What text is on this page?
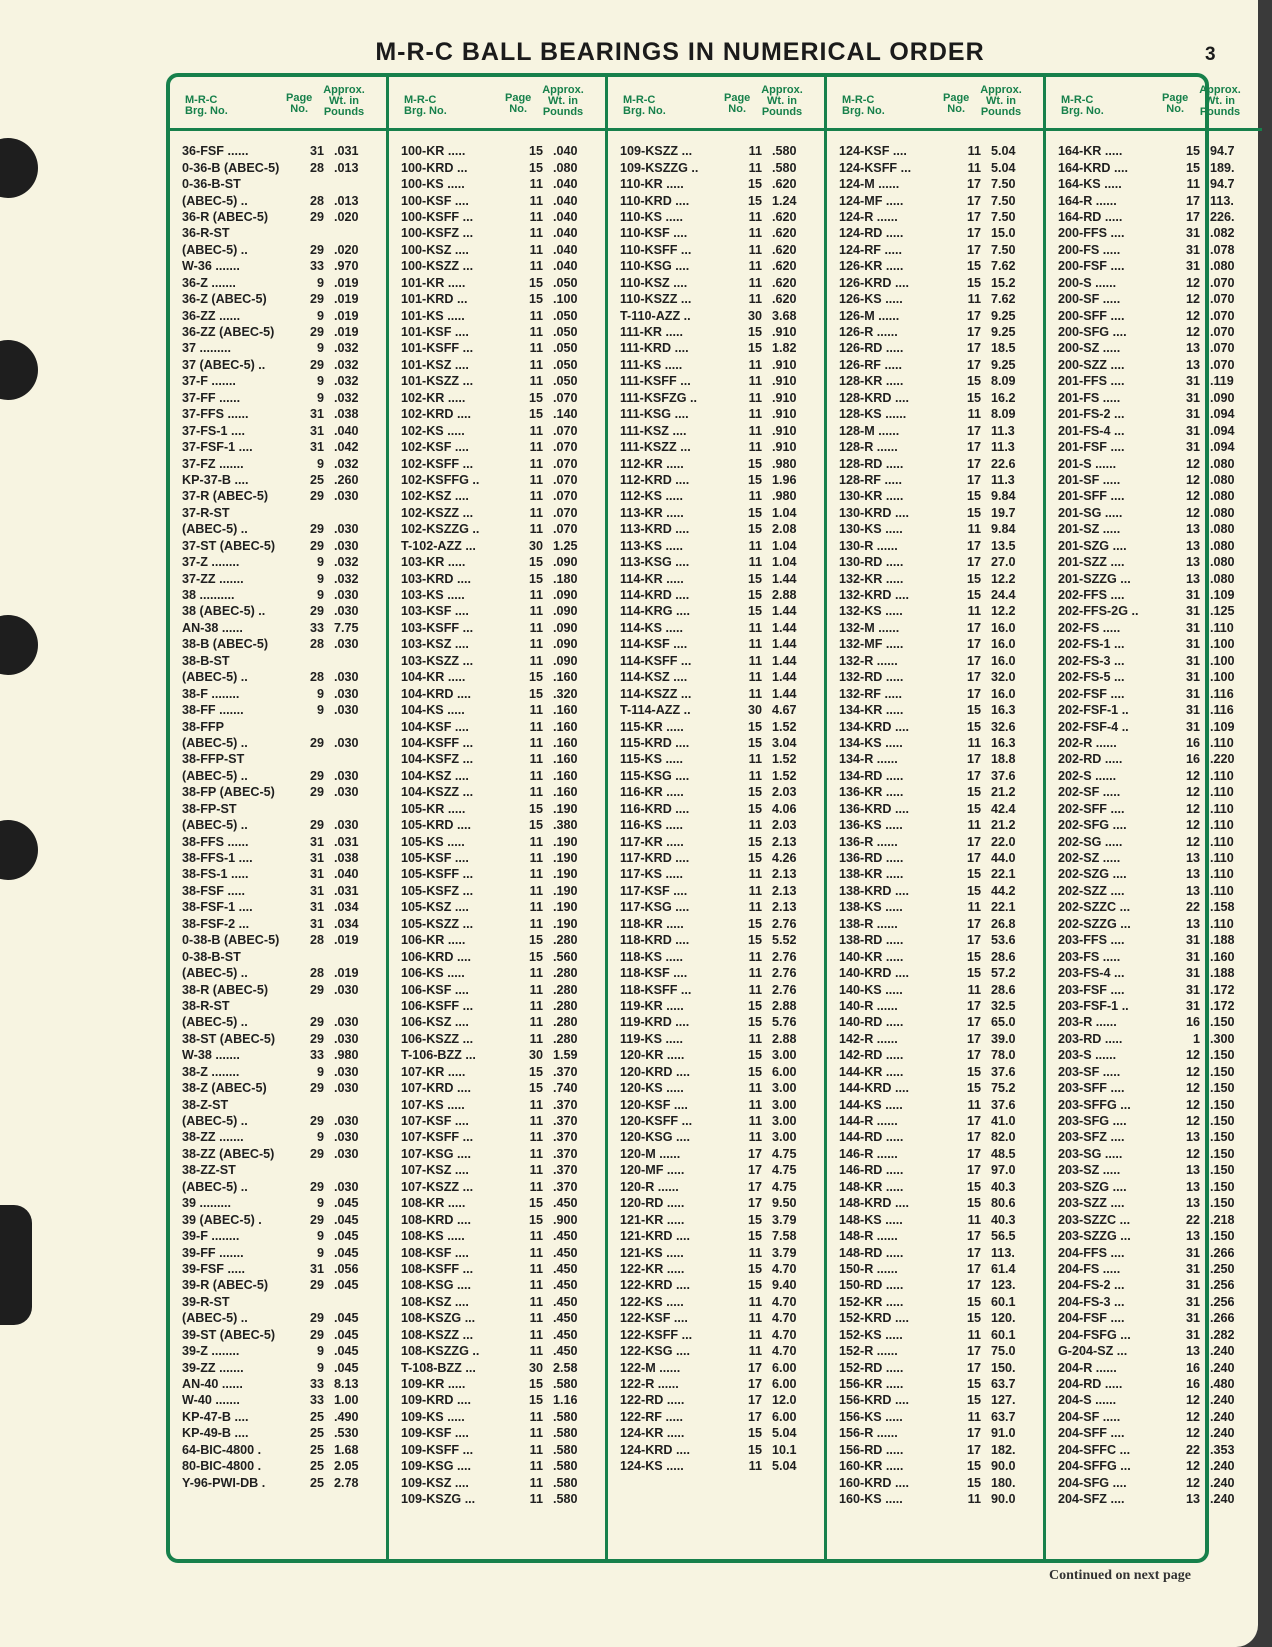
M-R-C BALL BEARINGS IN NUMERICAL ORDER	3
M-R-C
Brg. No.
Page
No.
Approx.
Wt. in
Pounds
36-FSF ......	31 .031
0-36-B (ABEC-5)	28 .013
0-36-B-ST
(ABEC-5) ..	28 .013
36-R (ABEC-5)	29 .020
36-R-ST
(ABEC-5) ..	29 .020
W-36 .......	33 .970
36-Z .......	9 .019
36-Z (ABEC-5)	29 .019
36-ZZ ......	9 .019
36-ZZ (ABEC-5)	29 .019
37 .........	9 .032
37 (ABEC-5) ..	29 .032
37-F .......	9 .032
37-FF ......	9 .032
37-FFS ......	31 .038
37-FS-1 ....	31 .040
37-FSF-1 ....	31 .042
37-FZ .......	9 .032
KP-37-B ....	25 .260
37-R (ABEC-5)	29 .030
37-R-ST
(ABEC-5) ..	29 .030
37-ST (ABEC-5)	29 .030
37-Z ........	9 .032
37-ZZ .......	9 .032
38 ..........	9 .030
38 (ABEC-5) ..	29 .030
AN-38 ......	33 7.75
38-B (ABEC-5)	28 .030
38-B-ST
(ABEC-5) ..	28 .030
38-F ........	9 .030
38-FF .......	9 .030
38-FFP
(ABEC-5) ..	29 .030
38-FFP-ST
(ABEC-5) ..	29 .030
38-FP (ABEC-5)	29 .030
38-FP-ST
(ABEC-5) ..	29 .030
38-FFS ......	31 .031
38-FFS-1 ....	31 .038
38-FS-1 .....	31 .040
38-FSF .....	31 .031
38-FSF-1 ....	31 .034
38-FSF-2 ...	31 .034
0-38-B (ABEC-5)	28 .019
0-38-B-ST
(ABEC-5) ..	28 .019
38-R (ABEC-5)	29 .030
38-R-ST
(ABEC-5) ..	29 .030
38-ST (ABEC-5)	29 .030
W-38 .......	33 .980
38-Z ........	9 .030
38-Z (ABEC-5)	29 .030
38-Z-ST
(ABEC-5) ..	29 .030
38-ZZ .......	9 .030
38-ZZ (ABEC-5)	29 .030
38-ZZ-ST
(ABEC-5) ..	29 .030
39 .........	9 .045
39 (ABEC-5) .	29 .045
39-F ........	9 .045
39-FF .......	9 .045
39-FSF .....	31 .056
39-R (ABEC-5)	29 .045
39-R-ST
(ABEC-5) ..	29 .045
39-ST (ABEC-5)	29 .045
39-Z ........	9 .045
39-ZZ .......	9 .045
AN-40 ......	33 8.13
W-40 .......	33 1.00
KP-47-B ....	25 .490
KP-49-B ....	25 .530
64-BIC-4800 .	25 1.68
80-BIC-4800 .	25 2.05
Y-96-PWI-DB .	25 2.78
M-R-C
Brg. No.
Page
No.
Approx.
Wt. in
Pounds
100-KR .....	15 .040
100-KRD ...	15 .080
100-KS .....	11 .040
100-KSF ....	11 .040
100-KSFF ...	11 .040
100-KSFZ ...	11 .040
100-KSZ ....	11 .040
100-KSZZ ...	11 .040
101-KR .....	15 .050
101-KRD ...	15 .100
101-KS .....	11 .050
101-KSF ....	11 .050
101-KSFF ...	11 .050
101-KSZ ....	11 .050
101-KSZZ ...	11 .050
102-KR .....	15 .070
102-KRD ....	15 .140
102-KS .....	11 .070
102-KSF ....	11 .070
102-KSFF ...	11 .070
102-KSFFG ..	11 .070
102-KSZ ....	11 .070
102-KSZZ ...	11 .070
102-KSZZG ..	11 .070
T-102-AZZ ...	30 1.25
103-KR .....	15 .090
103-KRD ....	15 .180
103-KS .....	11 .090
103-KSF ....	11 .090
103-KSFF ...	11 .090
103-KSZ ....	11 .090
103-KSZZ ...	11 .090
104-KR .....	15 .160
104-KRD ....	15 .320
104-KS .....	11 .160
104-KSF ....	11 .160
104-KSFF ...	11 .160
104-KSFZ ...	11 .160
104-KSZ ....	11 .160
104-KSZZ ...	11 .160
105-KR .....	15 .190
105-KRD ....	15 .380
105-KS .....	11 .190
105-KSF ....	11 .190
105-KSFF ...	11 .190
105-KSFZ ...	11 .190
105-KSZ ....	11 .190
105-KSZZ ...	11 .190
106-KR .....	15 .280
106-KRD ....	15 .560
106-KS .....	11 .280
106-KSF ....	11 .280
106-KSFF ...	11 .280
106-KSZ ....	11 .280
106-KSZZ ...	11 .280
T-106-BZZ ...	30 1.59
107-KR .....	15 .370
107-KRD ....	15 .740
107-KS .....	11 .370
107-KSF ....	11 .370
107-KSFF ...	11 .370
107-KSG ....	11 .370
107-KSZ ....	11 .370
107-KSZZ ...	11 .370
108-KR .....	15 .450
108-KRD ....	15 .900
108-KS .....	11 .450
108-KSF ....	11 .450
108-KSFF ...	11 .450
108-KSG ....	11 .450
108-KSZ ....	11 .450
108-KSZG ...	11 .450
108-KSZZ ...	11 .450
108-KSZZG ..	11 .450
T-108-BZZ ...	30 2.58
109-KR .....	15 .580
109-KRD ....	15 1.16
109-KS .....	11 .580
109-KSF ....	11 .580
109-KSFF ...	11 .580
109-KSG ....	11 .580
109-KSZ ....	11 .580
109-KSZG ...	11 .580
M-R-C
Brg. No.
Page
No.
Approx.
Wt. in
Pounds
109-KSZZ ...	11 .580
109-KSZZG ..	11 .580
110-KR .....	15 .620
110-KRD ....	15 1.24
110-KS .....	11 .620
110-KSF ....	11 .620
110-KSFF ...	11 .620
110-KSG ....	11 .620
110-KSZ ....	11 .620
110-KSZZ ...	11 .620
T-110-AZZ ..	30 3.68
111-KR .....	15 .910
111-KRD ....	15 1.82
111-KS .....	11 .910
111-KSFF ...	11 .910
111-KSFZG ..	11 .910
111-KSG ....	11 .910
111-KSZ ....	11 .910
111-KSZZ ...	11 .910
112-KR .....	15 .980
112-KRD ....	15 1.96
112-KS .....	11 .980
113-KR .....	15 1.04
113-KRD ....	15 2.08
113-KS .....	11 1.04
113-KSG ....	11 1.04
114-KR .....	15 1.44
114-KRD ....	15 2.88
114-KRG ....	15 1.44
114-KS .....	11 1.44
114-KSF ....	11 1.44
114-KSFF ...	11 1.44
114-KSZ ....	11 1.44
114-KSZZ ...	11 1.44
T-114-AZZ ..	30 4.67
115-KR .....	15 1.52
115-KRD ....	15 3.04
115-KS .....	11 1.52
115-KSG ....	11 1.52
116-KR .....	15 2.03
116-KRD ....	15 4.06
116-KS .....	11 2.03
117-KR .....	15 2.13
117-KRD ....	15 4.26
117-KS .....	11 2.13
117-KSF ....	11 2.13
117-KSG ....	11 2.13
118-KR .....	15 2.76
118-KRD ....	15 5.52
118-KS .....	11 2.76
118-KSF ....	11 2.76
118-KSFF ...	11 2.76
119-KR .....	15 2.88
119-KRD ....	15 5.76
119-KS .....	11 2.88
120-KR .....	15 3.00
120-KRD ....	15 6.00
120-KS .....	11 3.00
120-KSF ....	11 3.00
120-KSFF ...	11 3.00
120-KSG ....	11 3.00
120-M ......	17 4.75
120-MF .....	17 4.75
120-R ......	17 4.75
120-RD .....	17 9.50
121-KR .....	15 3.79
121-KRD ....	15 7.58
121-KS .....	11 3.79
122-KR .....	15 4.70
122-KRD ....	15 9.40
122-KS .....	11 4.70
122-KSF ....	11 4.70
122-KSFF ...	11 4.70
122-KSG ....	11 4.70
122-M ......	17 6.00
122-R ......	17 6.00
122-RD .....	17 12.0
122-RF .....	17 6.00
124-KR .....	15 5.04
124-KRD ....	15 10.1
124-KS .....	11 5.04
M-R-C
Brg. No.
Page
No.
Approx.
Wt. in
Pounds
124-KSF ....	11 5.04
124-KSFF ...	11 5.04
124-M ......	17 7.50
124-MF .....	17 7.50
124-R ......	17 7.50
124-RD .....	17 15.0
124-RF .....	17 7.50
126-KR .....	15 7.62
126-KRD ....	15 15.2
126-KS .....	11 7.62
126-M ......	17 9.25
126-R ......	17 9.25
126-RD .....	17 18.5
126-RF .....	17 9.25
128-KR .....	15 8.09
128-KRD ....	15 16.2
128-KS ......	11 8.09
128-M ......	17 11.3
128-R ......	17 11.3
128-RD .....	17 22.6
128-RF .....	17 11.3
130-KR .....	15 9.84
130-KRD ....	15 19.7
130-KS .....	11 9.84
130-R ......	17 13.5
130-RD .....	17 27.0
132-KR .....	15 12.2
132-KRD ....	15 24.4
132-KS .....	11 12.2
132-M ......	17 16.0
132-MF .....	17 16.0
132-R ......	17 16.0
132-RD .....	17 32.0
132-RF .....	17 16.0
134-KR .....	15 16.3
134-KRD ....	15 32.6
134-KS .....	11 16.3
134-R ......	17 18.8
134-RD .....	17 37.6
136-KR .....	15 21.2
136-KRD ....	15 42.4
136-KS .....	11 21.2
136-R ......	17 22.0
136-RD .....	17 44.0
138-KR .....	15 22.1
138-KRD ....	15 44.2
138-KS .....	11 22.1
138-R ......	17 26.8
138-RD .....	17 53.6
140-KR .....	15 28.6
140-KRD ....	15 57.2
140-KS .....	11 28.6
140-R ......	17 32.5
140-RD .....	17 65.0
142-R ......	17 39.0
142-RD .....	17 78.0
144-KR .....	15 37.6
144-KRD ....	15 75.2
144-KS .....	11 37.6
144-R ......	17 41.0
144-RD .....	17 82.0
146-R ......	17 48.5
146-RD .....	17 97.0
148-KR .....	15 40.3
148-KRD ....	15 80.6
148-KS .....	11 40.3
148-R ......	17 56.5
148-RD .....	17 113.
150-R ......	17 61.4
150-RD .....	17 123.
152-KR .....	15 60.1
152-KRD ....	15 120.
152-KS .....	11 60.1
152-R ......	17 75.0
152-RD .....	17 150.
156-KR .....	15 63.7
156-KRD ....	15 127.
156-KS .....	11 63.7
156-R ......	17 91.0
156-RD .....	17 182.
160-KR .....	15 90.0
160-KRD ....	15 180.
160-KS .....	11 90.0
M-R-C
Brg. No.
Page
No.
Approx.
Wt. in
Pounds
164-KR .....	15 94.7
164-KRD ....	15 189.
164-KS .....	11 94.7
164-R ......	17 113.
164-RD .....	17 226.
200-FFS ....	31 .082
200-FS .....	31 .078
200-FSF ....	31 .080
200-S ......	12 .070
200-SF .....	12 .070
200-SFF ....	12 .070
200-SFG ....	12 .070
200-SZ .....	13 .070
200-SZZ ....	13 .070
201-FFS ....	31 .119
201-FS .....	31 .090
201-FS-2 ...	31 .094
201-FS-4 ...	31 .094
201-FSF ....	31 .094
201-S ......	12 .080
201-SF .....	12 .080
201-SFF ....	12 .080
201-SG .....	12 .080
201-SZ .....	13 .080
201-SZG ....	13 .080
201-SZZ ....	13 .080
201-SZZG ...	13 .080
202-FFS ....	31 .109
202-FFS-2G ..	31 .125
202-FS .....	31 .110
202-FS-1 ...	31 .100
202-FS-3 ...	31 .100
202-FS-5 ...	31 .100
202-FSF ....	31 .116
202-FSF-1 ..	31 .116
202-FSF-4 ..	31 .109
202-R ......	16 .110
202-RD .....	16 .220
202-S ......	12 .110
202-SF .....	12 .110
202-SFF ....	12 .110
202-SFG ....	12 .110
202-SG .....	12 .110
202-SZ .....	13 .110
202-SZG ....	13 .110
202-SZZ ....	13 .110
202-SZZC ...	22 .158
202-SZZG ...	13 .110
203-FFS ....	31 .188
203-FS .....	31 .160
203-FS-4 ...	31 .188
203-FSF ....	31 .172
203-FSF-1 ..	31 .172
203-R ......	16 .150
203-RD .....	1 .300
203-S ......	12 .150
203-SF .....	12 .150
203-SFF ....	12 .150
203-SFFG ...	12 .150
203-SFG ....	12 .150
203-SFZ ....	13 .150
203-SG .....	12 .150
203-SZ .....	13 .150
203-SZG ....	13 .150
203-SZZ ....	13 .150
203-SZZC ...	22 .218
203-SZZG ...	13 .150
204-FFS ....	31 .266
204-FS .....	31 .250
204-FS-2 ...	31 .256
204-FS-3 ...	31 .256
204-FSF ....	31 .266
204-FSFG ...	31 .282
G-204-SZ ...	13 .240
204-R ......	16 .240
204-RD .....	16 .480
204-S ......	12 .240
204-SF .....	12 .240
204-SFF ....	12 .240
204-SFFC ...	22 .353
204-SFFG ...	12 .240
204-SFG ....	12 .240
204-SFZ ....	13 .240
Continued on next page
